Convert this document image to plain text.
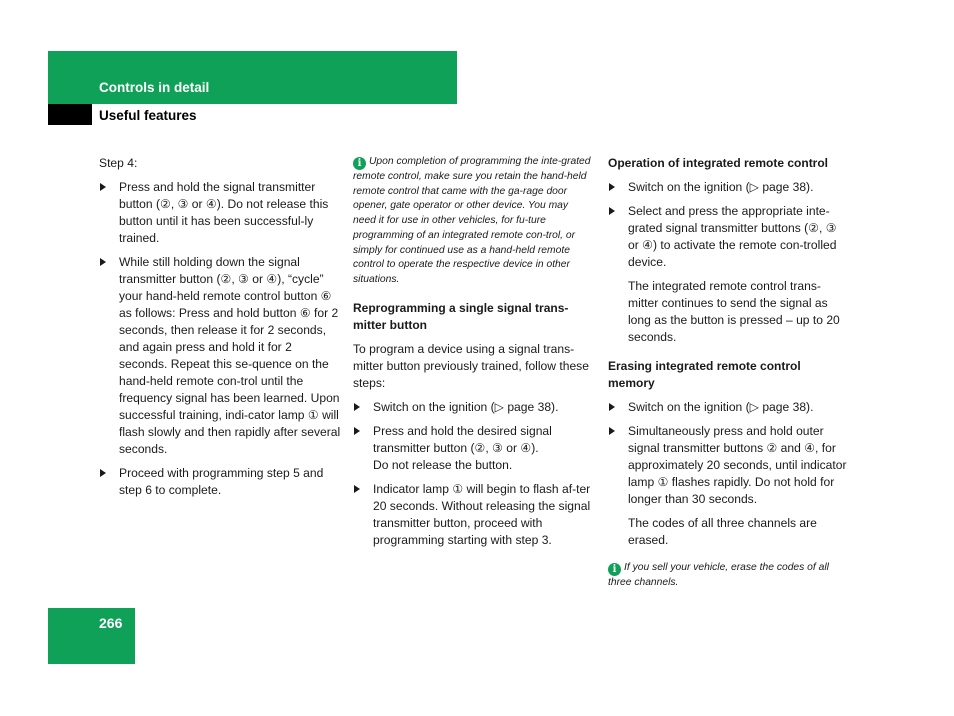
Controls in detail
Useful features

Step 4:

Press and hold the signal transmitter button (②, ③ or ④). Do not release this button until it has been successful-ly trained.
While still holding down the signal transmitter button (②, ③ or ④), “cycle” your hand-held remote control button ⑥ as follows: Press and hold button ⑥ for 2 seconds, then release it for 2 seconds, and again press and hold it for 2 seconds. Repeat this se-quence on the hand-held remote con-trol until the frequency signal has been learned. Upon successful training, indi-cator lamp ① will flash slowly and then rapidly after several seconds.
Proceed with programming step 5 and step 6 to complete.

i Upon completion of programming the inte-grated remote control, make sure you retain the hand-held remote control that came with the ga-rage door opener, gate operator or other device. You may need it for use in other vehicles, for fu-ture programming of an integrated remote con-trol, or simply for continued use as a hand-held remote control to operate the respective device in other situations.

Reprogramming a single signal trans-mitter button

To program a device using a signal trans-mitter button previously trained, follow these steps:

Switch on the ignition (▷ page 38).
Press and hold the desired signal transmitter button (②, ③ or ④).
Do not release the button.
Indicator lamp ① will begin to flash af-ter 20 seconds. Without releasing the signal transmitter button, proceed with programming starting with step 3.

Operation of integrated remote control

Switch on the ignition (▷ page 38).
Select and press the appropriate inte-grated signal transmitter buttons (②, ③ or ④) to activate the remote con-trolled device.

The integrated remote control trans-mitter continues to send the signal as long as the button is pressed – up to 20 seconds.

Erasing integrated remote control memory

Switch on the ignition (▷ page 38).
Simultaneously press and hold outer signal transmitter buttons ② and ④, for approximately 20 seconds, until indicator lamp ① flashes rapidly. Do not hold for longer than 30 seconds.

The codes of all three channels are erased.

i If you sell your vehicle, erase the codes of all three channels.

266
